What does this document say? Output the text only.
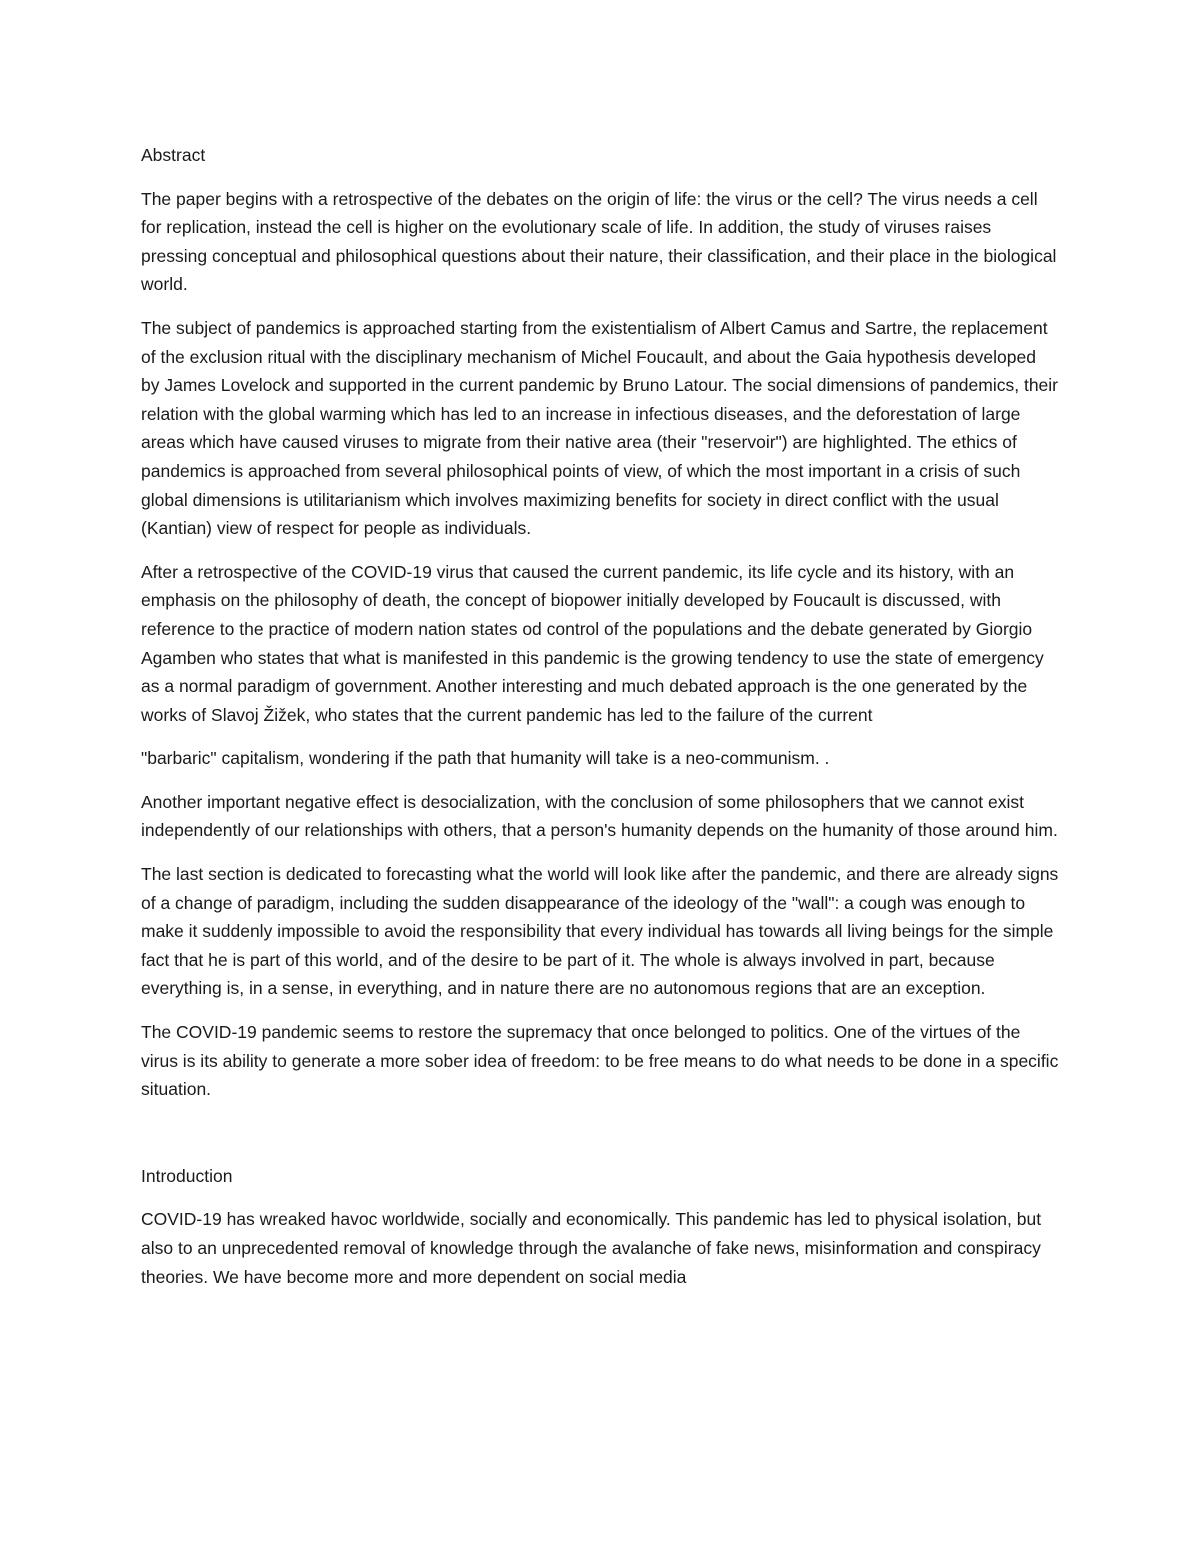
Abstract

The paper begins with a retrospective of the debates on the origin of life: the virus or the cell? The virus needs a cell for replication, instead the cell is higher on the evolutionary scale of life. In addition, the study of viruses raises pressing conceptual and philosophical questions about their nature, their classification, and their place in the biological world.

The subject of pandemics is approached starting from the existentialism of Albert Camus and Sartre, the replacement of the exclusion ritual with the disciplinary mechanism of Michel Foucault, and about the Gaia hypothesis developed by James Lovelock and supported in the current pandemic by Bruno Latour. The social dimensions of pandemics, their relation with the global warming which has led to an increase in infectious diseases, and the deforestation of large areas which have caused viruses to migrate from their native area (their "reservoir") are highlighted. The ethics of pandemics is approached from several philosophical points of view, of which the most important in a crisis of such global dimensions is utilitarianism which involves maximizing benefits for society in direct conflict with the usual (Kantian) view of respect for people as individuals.

After a retrospective of the COVID-19 virus that caused the current pandemic, its life cycle and its history, with an emphasis on the philosophy of death, the concept of biopower initially developed by Foucault is discussed, with reference to the practice of modern nation states od control of the populations and the debate generated by Giorgio Agamben who states that what is manifested in this pandemic is the growing tendency to use the state of emergency as a normal paradigm of government. Another interesting and much debated approach is the one generated by the works of Slavoj Žižek, who states that the current pandemic has led to the failure of the current

"barbaric" capitalism, wondering if the path that humanity will take is a neo-communism. .

Another important negative effect is desocialization, with the conclusion of some philosophers that we cannot exist independently of our relationships with others, that a person's humanity depends on the humanity of those around him.

The last section is dedicated to forecasting what the world will look like after the pandemic, and there are already signs of a change of paradigm, including the sudden disappearance of the ideology of the "wall": a cough was enough to make it suddenly impossible to avoid the responsibility that every individual has towards all living beings for the simple fact that he is part of this world, and of the desire to be part of it. The whole is always involved in part, because everything is, in a sense, in everything, and in nature there are no autonomous regions that are an exception.

The COVID-19 pandemic seems to restore the supremacy that once belonged to politics. One of the virtues of the virus is its ability to generate a more sober idea of freedom: to be free means to do what needs to be done in a specific situation.

Introduction

COVID-19 has wreaked havoc worldwide, socially and economically. This pandemic has led to physical isolation, but also to an unprecedented removal of knowledge through the avalanche of fake news, misinformation and conspiracy theories. We have become more and more dependent on social media
